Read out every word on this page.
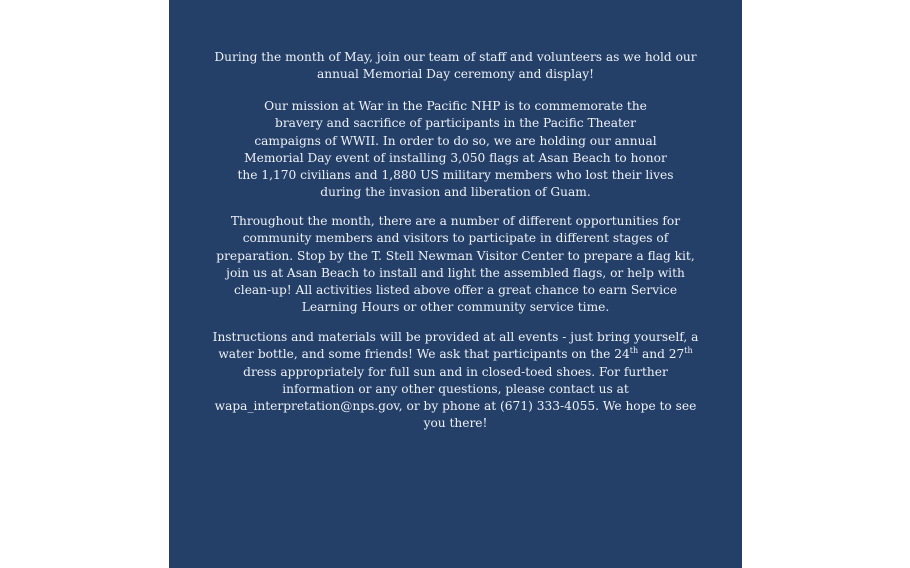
During the month of May, join our team of staff and volunteers as we hold our
annual Memorial Day ceremony and display!
Our mission at War in the Pacific NHP is to commemorate the
bravery and sacrifice of participants in the Pacific Theater
campaigns of WWII. In order to do so, we are holding our annual
Memorial Day event of installing 3,050 flags at Asan Beach to honor
the 1,170 civilians and 1,880 US military members who lost their lives
during the invasion and liberation of Guam.
Throughout the month, there are a number of different opportunities for
community members and visitors to participate in different stages of
preparation. Stop by the T. Stell Newman Visitor Center to prepare a flag kit,
join us at Asan Beach to install and light the assembled flags, or help with
clean-up! All activities listed above offer a great chance to earn Service
Learning Hours or other community service time.
Instructions and materials will be provided at all events - just bring yourself, a
water bottle, and some friends! We ask that participants on the 24th and 27th
dress appropriately for full sun and in closed-toed shoes. For further
information or any other questions, please contact us at
wapa_interpretation@nps.gov, or by phone at (671) 333-4055. We hope to see
you there!
